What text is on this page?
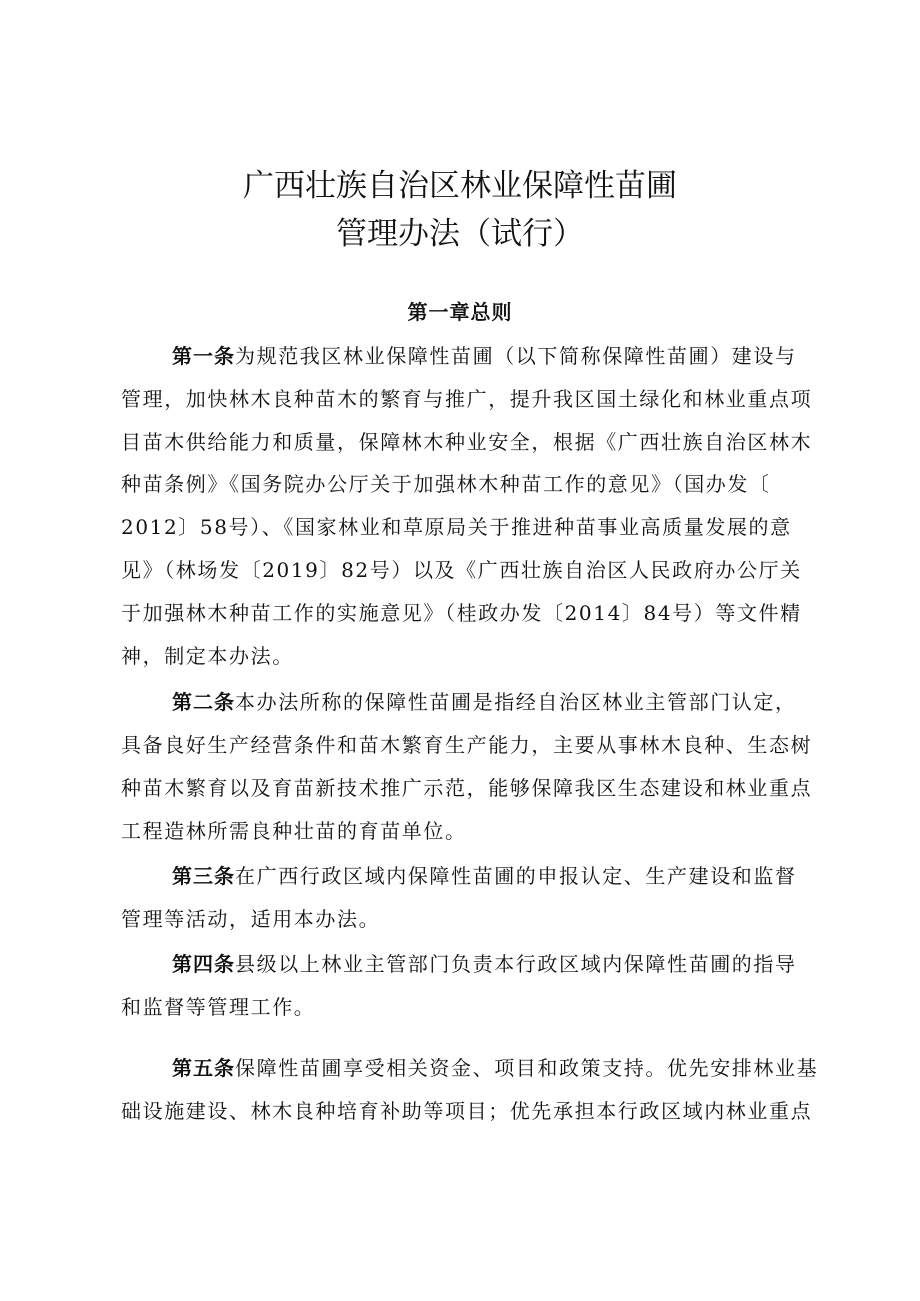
广西壮族自治区林业保障性苗圃
管理办法（试行）
第一章总则
第一条为规范我区林业保障性苗圃（以下简称保障性苗圃）建设与
管理，加快林木良种苗木的繁育与推广，提升我区国土绿化和林业重点项
目苗木供给能力和质量，保障林木种业安全，根据《广西壮族自治区林木
种苗条例》《国务院办公厅关于加强林木种苗工作的意见》（国办发〔
2012〕58号）、《国家林业和草原局关于推进种苗事业高质量发展的意
见》（林场发〔2019〕82号）以及《广西壮族自治区人民政府办公厅关
于加强林木种苗工作的实施意见》（桂政办发〔2014〕84号）等文件精
神，制定本办法。
第二条本办法所称的保障性苗圃是指经自治区林业主管部门认定，
具备良好生产经营条件和苗木繁育生产能力，主要从事林木良种、生态树
种苗木繁育以及育苗新技术推广示范，能够保障我区生态建设和林业重点
工程造林所需良种壮苗的育苗单位。
第三条在广西行政区域内保障性苗圃的申报认定、生产建设和监督
管理等活动，适用本办法。
第四条县级以上林业主管部门负责本行政区域内保障性苗圃的指导
和监督等管理工作。
第五条保障性苗圃享受相关资金、项目和政策支持。优先安排林业基
础设施建设、林木良种培育补助等项目；优先承担本行政区域内林业重点
